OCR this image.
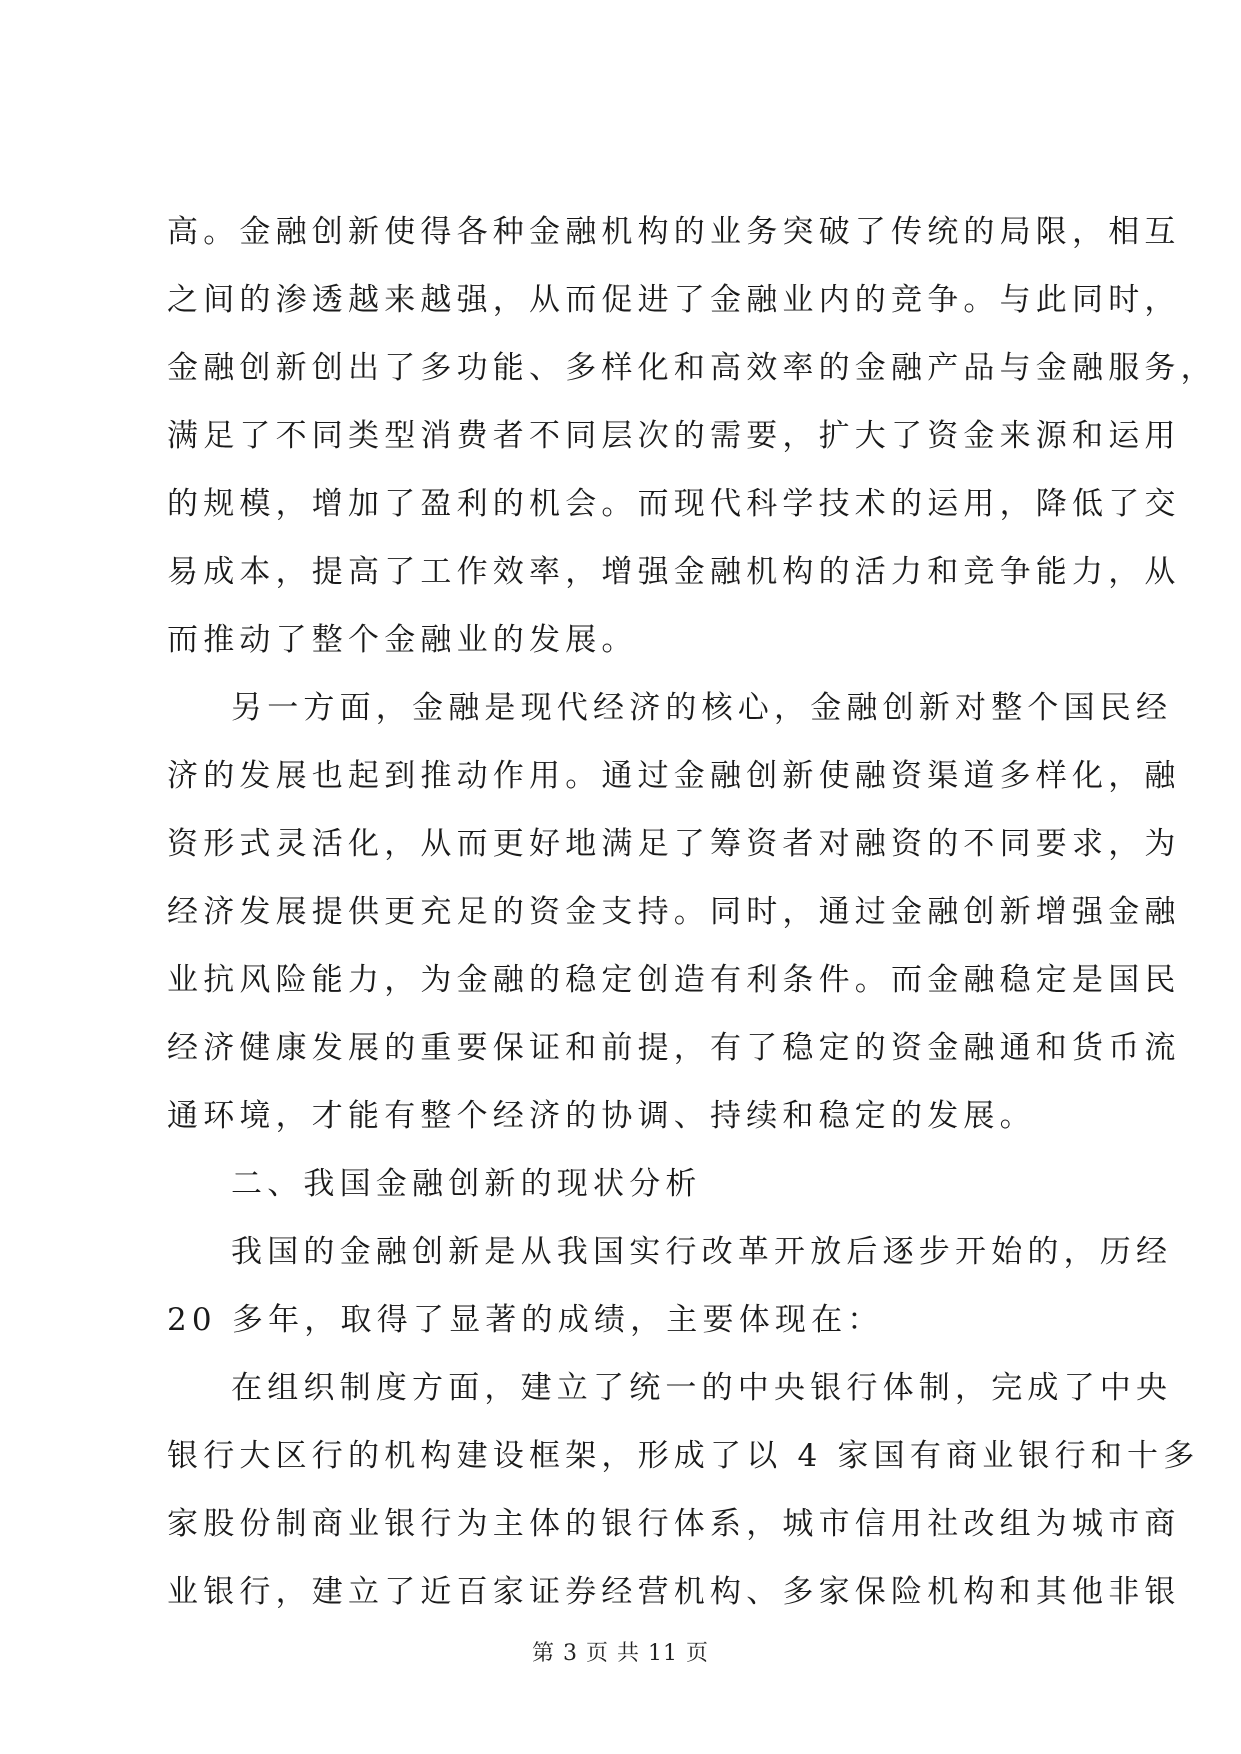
高。金融创新使得各种金融机构的业务突破了传统的局限，相互
之间的渗透越来越强，从而促进了金融业内的竞争。与此同时，
金融创新创出了多功能、多样化和高效率的金融产品与金融服务，
满足了不同类型消费者不同层次的需要，扩大了资金来源和运用
的规模，增加了盈利的机会。而现代科学技术的运用，降低了交
易成本，提高了工作效率，增强金融机构的活力和竞争能力，从
而推动了整个金融业的发展。
另一方面，金融是现代经济的核心，金融创新对整个国民经
济的发展也起到推动作用。通过金融创新使融资渠道多样化，融
资形式灵活化，从而更好地满足了筹资者对融资的不同要求，为
经济发展提供更充足的资金支持。同时，通过金融创新增强金融
业抗风险能力，为金融的稳定创造有利条件。而金融稳定是国民
经济健康发展的重要保证和前提，有了稳定的资金融通和货币流
通环境，才能有整个经济的协调、持续和稳定的发展。
二、我国金融创新的现状分析
我国的金融创新是从我国实行改革开放后逐步开始的，历经
20 多年，取得了显著的成绩，主要体现在：
在组织制度方面，建立了统一的中央银行体制，完成了中央
银行大区行的机构建设框架，形成了以 4 家国有商业银行和十多
家股份制商业银行为主体的银行体系，城市信用社改组为城市商
业银行，建立了近百家证券经营机构、多家保险机构和其他非银
第 3 页 共 11 页
